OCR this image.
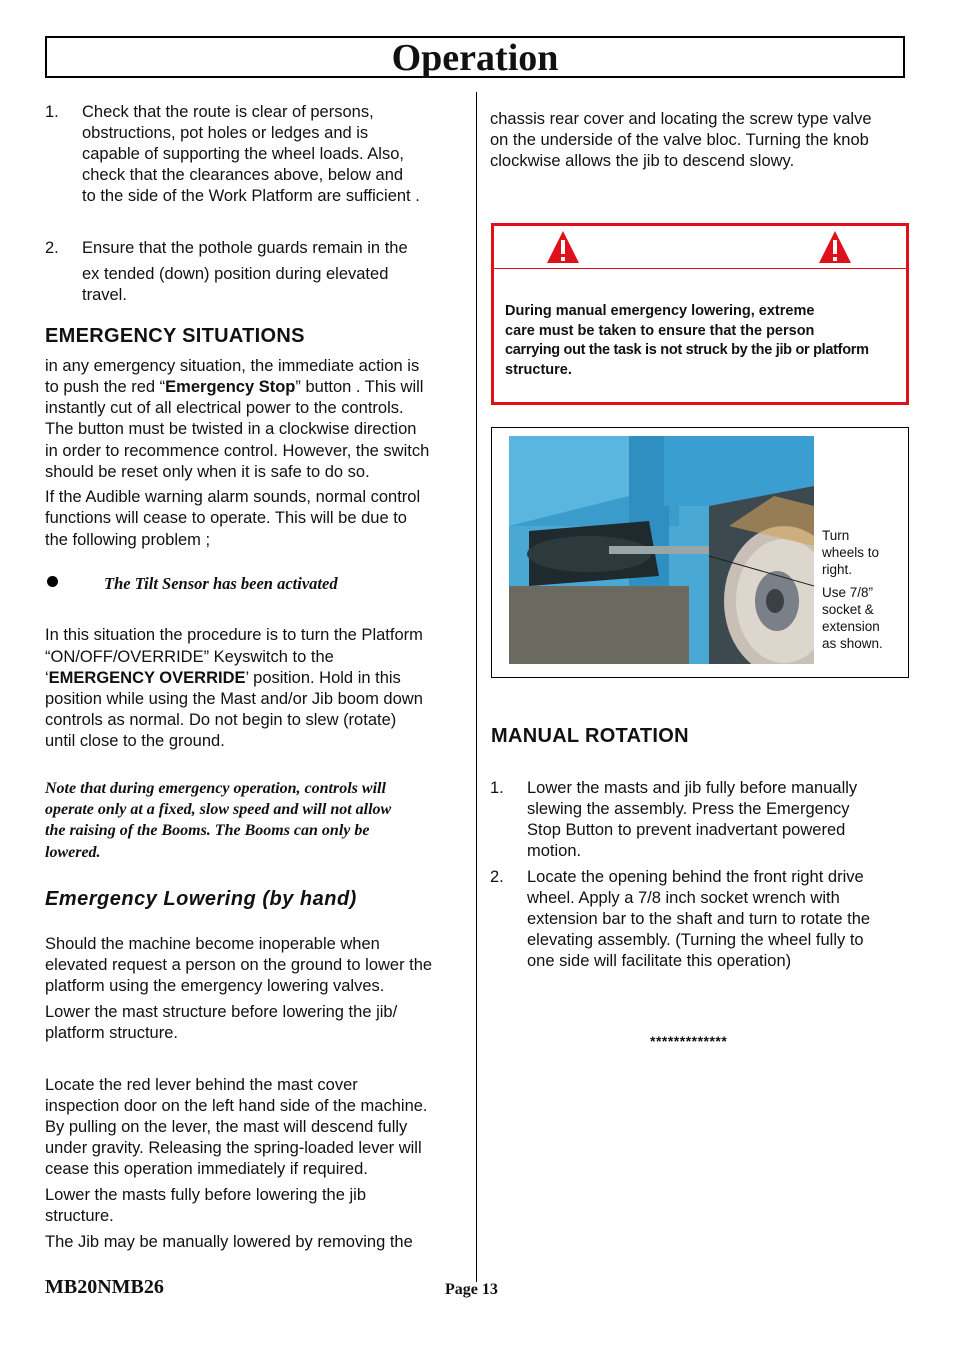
Operation
1. Check that the route is clear of persons,
obstructions, pot holes or ledges and is
capable of supporting the wheel loads. Also,
check that the clearances above, below and
to the side of the Work Platform are sufficient .
2. Ensure that the pothole guards remain in the
ex tended (down) position during elevated
travel.
EMERGENCY SITUATIONS
in any emergency situation, the immediate action is
to push the red “Emergency Stop” button . This will
instantly cut of all electrical power to the controls.
The button must be twisted in a clockwise direction
in order to recommence control. However, the switch
should be reset only when it is safe to do so.
If the Audible warning alarm sounds, normal control
functions will cease to operate. This will be due to
the following problem ;
The Tilt Sensor has been activated
In this situation the procedure is to turn the Platform
“ON/OFF/OVERRIDE” Keyswitch to the
‘EMERGENCY OVERRIDE’ position. Hold in this
position while using the Mast and/or Jib boom down
controls as normal. Do not begin to slew (rotate)
until close to the ground.
Note that during emergency operation, controls will
operate only at a fixed, slow speed and will not allow
the raising of the Booms. The Booms can only be
lowered.
Emergency Lowering (by hand)
Should the machine become inoperable when
elevated request a person on the ground to lower the
platform using the emergency lowering valves.
Lower the mast structure before lowering the jib/
platform structure.
Locate the red lever behind the mast cover
inspection door on the left hand side of the machine.
By pulling on the lever, the mast will descend fully
under gravity. Releasing the spring-loaded lever will
cease this operation immediately if required.
Lower the masts fully before lowering the jib
structure.
The Jib may be manually lowered by removing the
chassis rear cover and locating the screw type valve
on the underside of the valve bloc. Turning the knob
clockwise allows the jib to descend slowy.
During manual emergency lowering, extreme
care must be taken to ensure that the person
carrying out the task is not struck by the jib or platform
structure.
Turn
wheels to
right.
Use 7/8”
socket &
extension
as shown.
MANUAL ROTATION
1. Lower the masts and jib fully before manually
slewing the assembly. Press the Emergency
Stop Button to prevent inadvertant powered
motion.
2. Locate the opening behind the front right drive
wheel. Apply a 7/8 inch socket wrench with
extension bar to the shaft and turn to rotate the
elevating assembly. (Turning the wheel fully to
one side will facilitate this operation)
*************
MB20NMB26	Page 13
